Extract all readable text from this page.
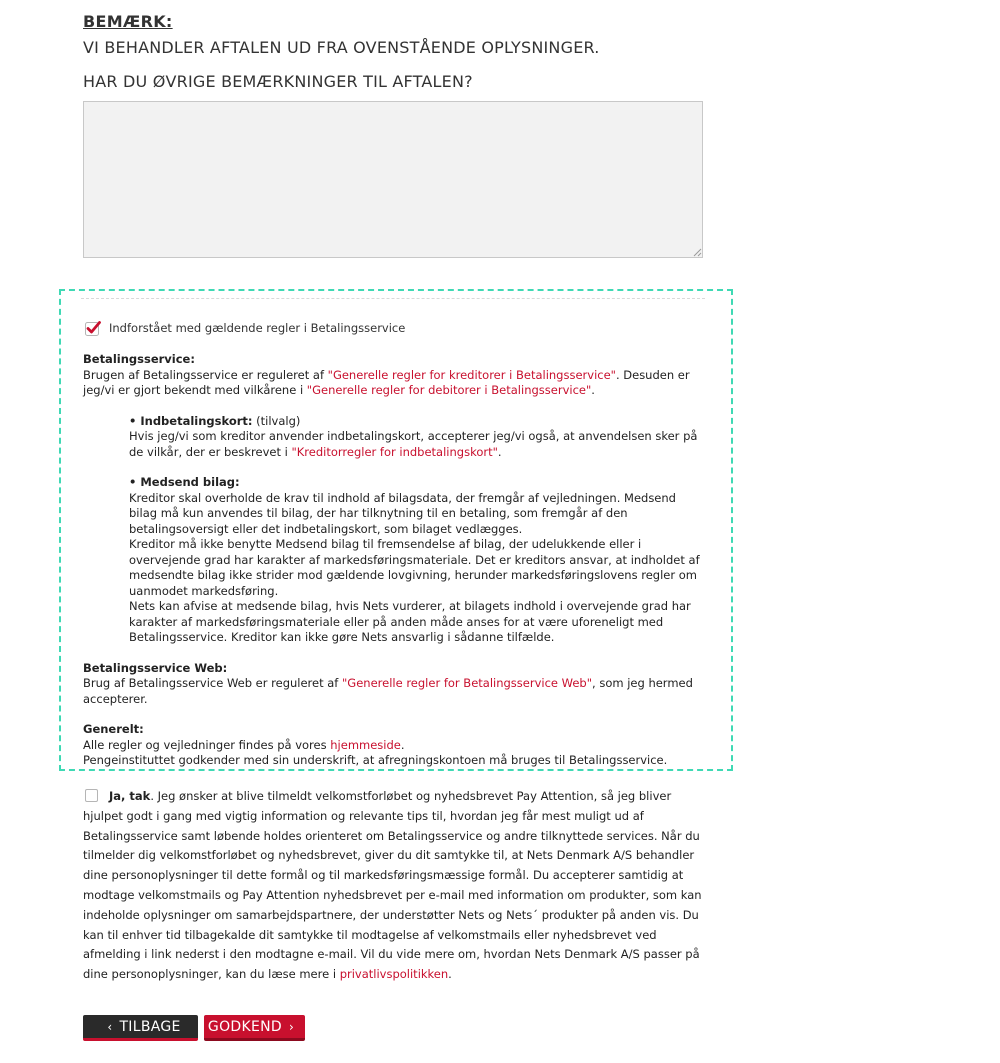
BEMÆRK:
VI BEHANDLER AFTALEN UD FRA OVENSTÅENDE OPLYSNINGER.
HAR DU ØVRIGE BEMÆRKNINGER TIL AFTALEN?
Indforstået med gældende regler i Betalingsservice

Betalingsservice:

Brugen af Betalingsservice er reguleret af "Generelle regler for kreditorer i Betalingsservice". Desuden er jeg/vi er gjort bekendt med vilkårene i "Generelle regler for debitorer i Betalingsservice".

• Indbetalingskort: (tilvalg)

Hvis jeg/vi som kreditor anvender indbetalingskort, accepterer jeg/vi også, at anvendelsen sker på de vilkår, der er beskrevet i "Kreditorregler for indbetalingskort".

• Medsend bilag:

Kreditor skal overholde de krav til indhold af bilagsdata, der fremgår af vejledningen. Medsend bilag må kun anvendes til bilag, der har tilknytning til en betaling, som fremgår af den betalingsoversigt eller det indbetalingskort, som bilaget vedlægges.

Kreditor må ikke benytte Medsend bilag til fremsendelse af bilag, der udelukkende eller i overvejende grad har karakter af markedsføringsmateriale. Det er kreditors ansvar, at indholdet af medsendte bilag ikke strider mod gældende lovgivning, herunder markedsføringslovens regler om uanmodet markedsføring.

Nets kan afvise at medsende bilag, hvis Nets vurderer, at bilagets indhold i overvejende grad har karakter af markedsføringsmateriale eller på anden måde anses for at være uforeneligt med Betalingsservice. Kreditor kan ikke gøre Nets ansvarlig i sådanne tilfælde.

Betalingsservice Web:

Brug af Betalingsservice Web er reguleret af "Generelle regler for Betalingsservice Web", som jeg hermed accepterer.

Generelt:

Alle regler og vejledninger findes på vores hjemmeside.

Pengeinstituttet godkender med sin underskrift, at afregningskontoen må bruges til Betalingsservice.

Ja, tak. Jeg ønsker at blive tilmeldt velkomstforløbet og nyhedsbrevet Pay Attention, så jeg bliver hjulpet godt i gang med vigtig information og relevante tips til, hvordan jeg får mest muligt ud af Betalingsservice samt løbende holdes orienteret om Betalingsservice og andre tilknyttede services. Når du tilmelder dig velkomstforløbet og nyhedsbrevet, giver du dit samtykke til, at Nets Denmark A/S behandler dine personoplysninger til dette formål og til markedsføringsmæssige formål. Du accepterer samtidig at modtage velkomstmails og Pay Attention nyhedsbrevet per e-mail med information om produkter, som kan indeholde oplysninger om samarbejdspartnere, der understøtter Nets og Nets´ produkter på anden vis. Du kan til enhver tid tilbagekalde dit samtykke til modtagelse af velkomstmails eller nyhedsbrevet ved afmelding i link nederst i den modtagne e-mail. Vil du vide mere om, hvordan Nets Denmark A/S passer på dine personoplysninger, kan du læse mere i privatlivspolitikken.
‹ TILBAGE GODKEND ›
